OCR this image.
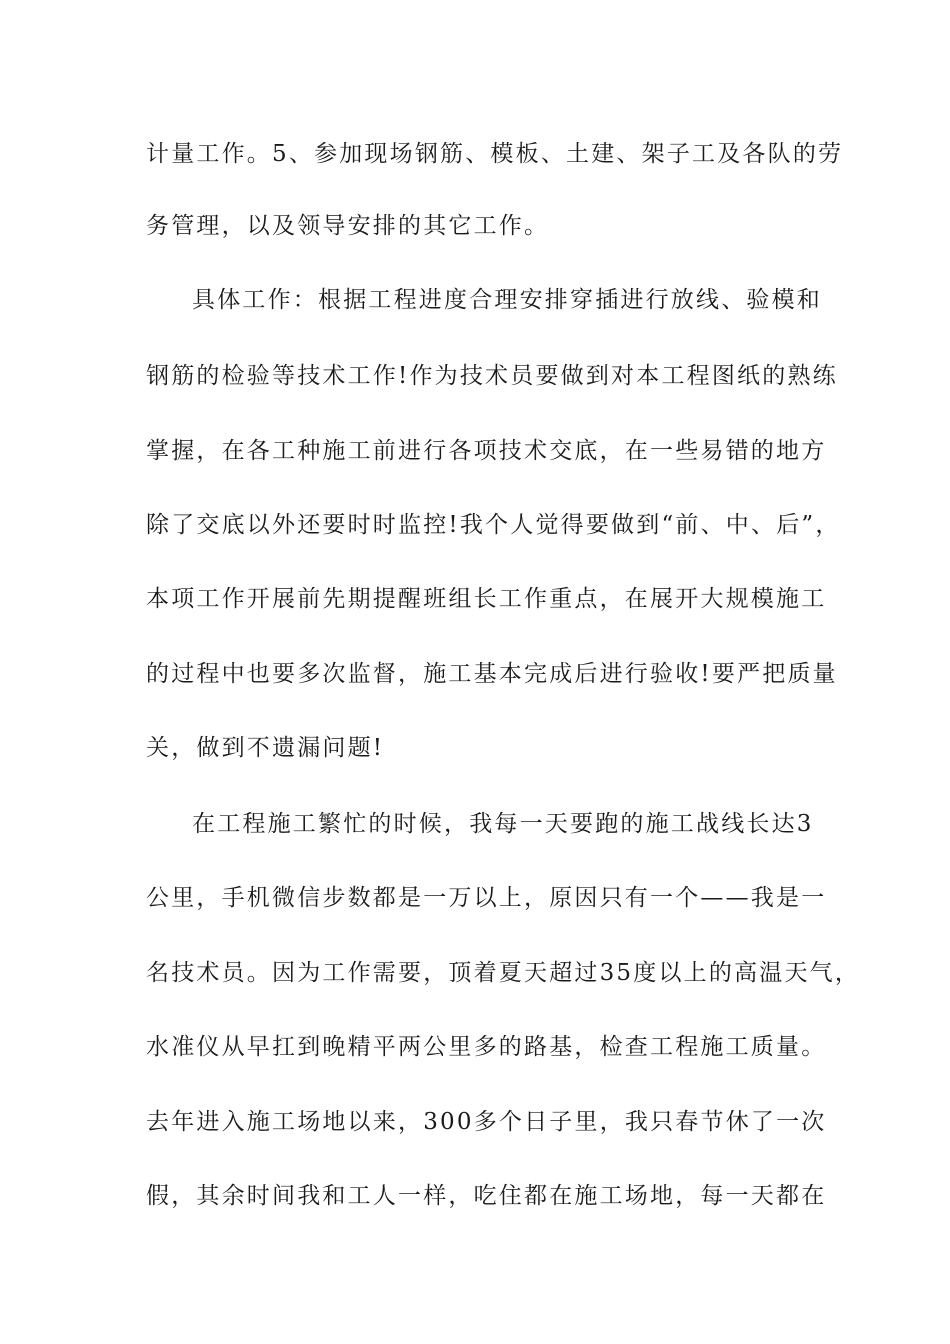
计量工作。5、参加现场钢筋、模板、土建、架子工及各队的劳
务管理，以及领导安排的其它工作。
具体工作：根据工程进度合理安排穿插进行放线、验模和
钢筋的检验等技术工作!作为技术员要做到对本工程图纸的熟练
掌握，在各工种施工前进行各项技术交底，在一些易错的地方
除了交底以外还要时时监控!我个人觉得要做到“前、中、后”，
本项工作开展前先期提醒班组长工作重点，在展开大规模施工
的过程中也要多次监督，施工基本完成后进行验收!要严把质量
关，做到不遗漏问题!
在工程施工繁忙的时候，我每一天要跑的施工战线长达3
公里，手机微信步数都是一万以上，原因只有一个——我是一
名技术员。因为工作需要，顶着夏天超过35度以上的高温天气，
水准仪从早扛到晚精平两公里多的路基，检查工程施工质量。
去年进入施工场地以来，300多个日子里，我只春节休了一次
假，其余时间我和工人一样，吃住都在施工场地，每一天都在
